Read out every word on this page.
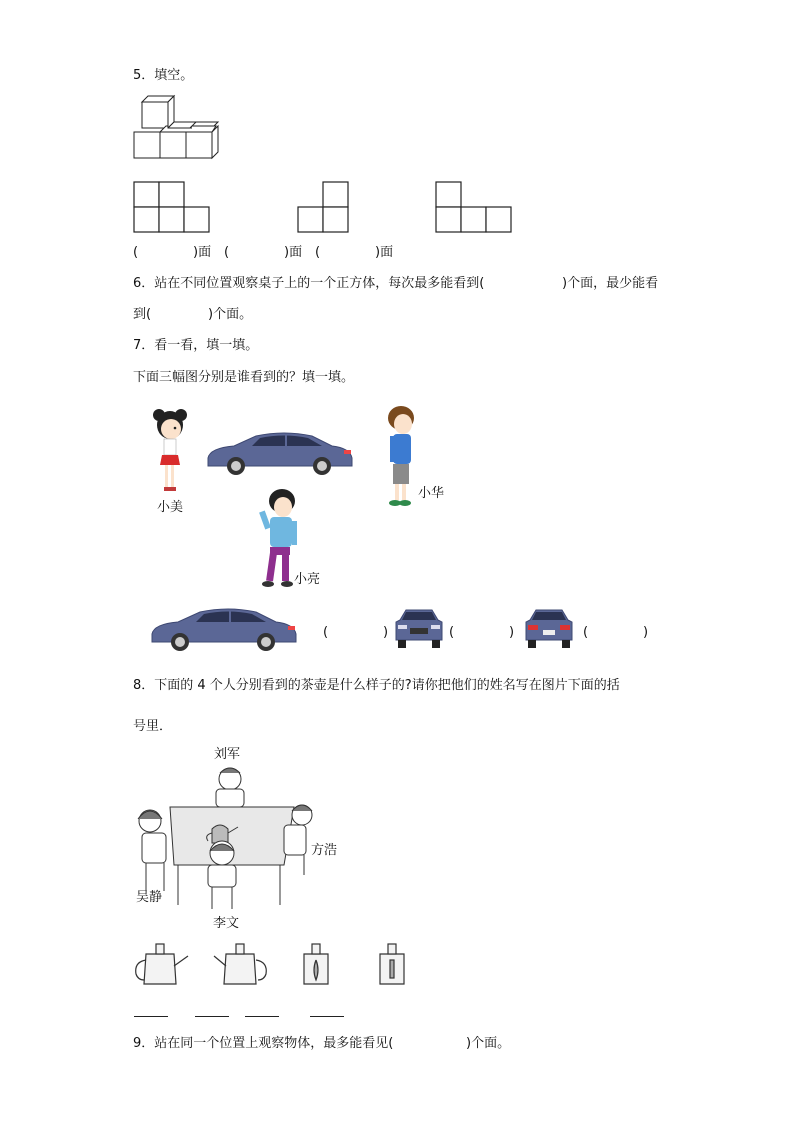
5．填空。
(	)面 (	)面 (	)面
6．站在不同位置观察桌子上的一个正方体，每次最多能看到(	)个面，最少能看
到(	)个面。
7．看一看，填一填。
下面三幅图分别是谁看到的？填一填。
小美
小华
小亮
(	)	(	)	(	)
8．下面的 4 个人分别看到的茶壶是什么样子的?请你把他们的姓名写在图片下面的括
号里．
刘军
方浩
吴静
李文
9．站在同一个位置上观察物体，最多能看见(	)个面。
